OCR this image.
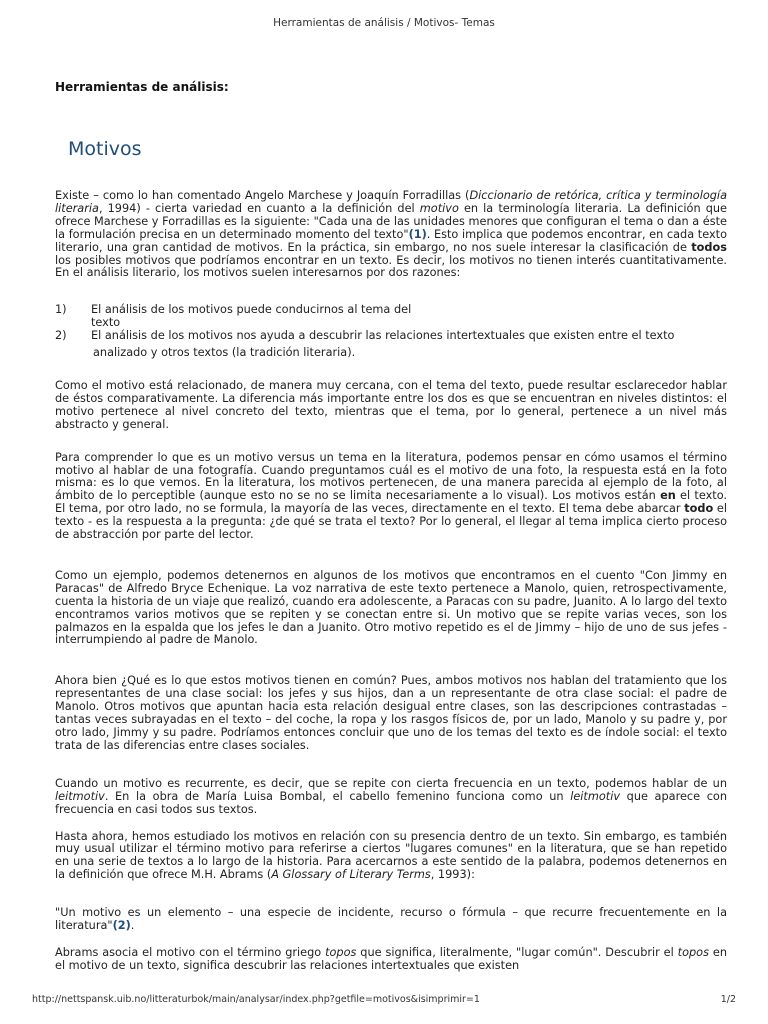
Herramientas de análisis / Motivos- Temas
Herramientas de análisis:
Motivos

Existe – como lo han comentado Angelo Marchese y Joaquín Forradillas (Diccionario de retórica, crítica y terminología literaria, 1994) - cierta variedad en cuanto a la definición del motivo en la terminología literaria. La definición que ofrece Marchese y Forradillas es la siguiente: "Cada una de las unidades menores que configuran el tema o dan a éste la formulación precisa en un determinado momento del texto"(1). Esto implica que podemos encontrar, en cada texto literario, una gran cantidad de motivos. En la práctica, sin embargo, no nos suele interesar la clasificación de todos los posibles motivos que podríamos encontrar en un texto. Es decir, los motivos no tienen interés cuantitativamente. En el análisis literario, los motivos suelen interesarnos por dos razones:

1)	El análisis de los motivos puede conducirnos al tema del
texto
2)	El análisis de los motivos nos ayuda a descubrir las relaciones intertextuales que existen entre el texto
analizado y otros textos (la tradición literaria).

Como el motivo está relacionado, de manera muy cercana, con el tema del texto, puede resultar esclarecedor hablar de éstos comparativamente. La diferencia más importante entre los dos es que se encuentran en niveles distintos: el motivo pertenece al nivel concreto del texto, mientras que el tema, por lo general, pertenece a un nivel más abstracto y general.

Para comprender lo que es un motivo versus un tema en la literatura, podemos pensar en cómo usamos el término motivo al hablar de una fotografía. Cuando preguntamos cuál es el motivo de una foto, la respuesta está en la foto misma: es lo que vemos. En la literatura, los motivos pertenecen, de una manera parecida al ejemplo de la foto, al ámbito de lo perceptible (aunque esto no se no se limita necesariamente a lo visual). Los motivos están en el texto. El tema, por otro lado, no se formula, la mayoría de las veces, directamente en el texto. El tema debe abarcar todo el texto - es la respuesta a la pregunta: ¿de qué se trata el texto? Por lo general, el llegar al tema implica cierto proceso de abstracción por parte del lector.

Como un ejemplo, podemos detenernos en algunos de los motivos que encontramos en el cuento "Con Jimmy en Paracas" de Alfredo Bryce Echenique. La voz narrativa de este texto pertenece a Manolo, quien, retrospectivamente, cuenta la historia de un viaje que realizó, cuando era adolescente, a Paracas con su padre, Juanito. A lo largo del texto encontramos varios motivos que se repiten y se conectan entre si. Un motivo que se repite varias veces, son los palmazos en la espalda que los jefes le dan a Juanito. Otro motivo repetido es el de Jimmy – hijo de uno de sus jefes -interrumpiendo al padre de Manolo.

Ahora bien ¿Qué es lo que estos motivos tienen en común? Pues, ambos motivos nos hablan del tratamiento que los representantes de una clase social: los jefes y sus hijos, dan a un representante de otra clase social: el padre de Manolo. Otros motivos que apuntan hacia esta relación desigual entre clases, son las descripciones contrastadas – tantas veces subrayadas en el texto – del coche, la ropa y los rasgos físicos de, por un lado, Manolo y su padre y, por otro lado, Jimmy y su padre. Podríamos entonces concluir que uno de los temas del texto es de índole social: el texto trata de las diferencias entre clases sociales.

Cuando un motivo es recurrente, es decir, que se repite con cierta frecuencia en un texto, podemos hablar de un leitmotiv. En la obra de María Luisa Bombal, el cabello femenino funciona como un leitmotiv que aparece con frecuencia en casi todos sus textos.

Hasta ahora, hemos estudiado los motivos en relación con su presencia dentro de un texto. Sin embargo, es también muy usual utilizar el término motivo para referirse a ciertos "lugares comunes" en la literatura, que se han repetido en una serie de textos a lo largo de la historia. Para acercarnos a este sentido de la palabra, podemos detenernos en la definición que ofrece M.H. Abrams (A Glossary of Literary Terms, 1993):

"Un motivo es un elemento – una especie de incidente, recurso o fórmula – que recurre frecuentemente en la literatura"(2).

Abrams asocia el motivo con el término griego topos que significa, literalmente, "lugar común". Descubrir el topos en el motivo de un texto, significa descubrir las relaciones intertextuales que existen

http://nettspansk.uib.no/litteraturbok/main/analysar/index.php?getfile=motivos&isimprimir=1	1/2
